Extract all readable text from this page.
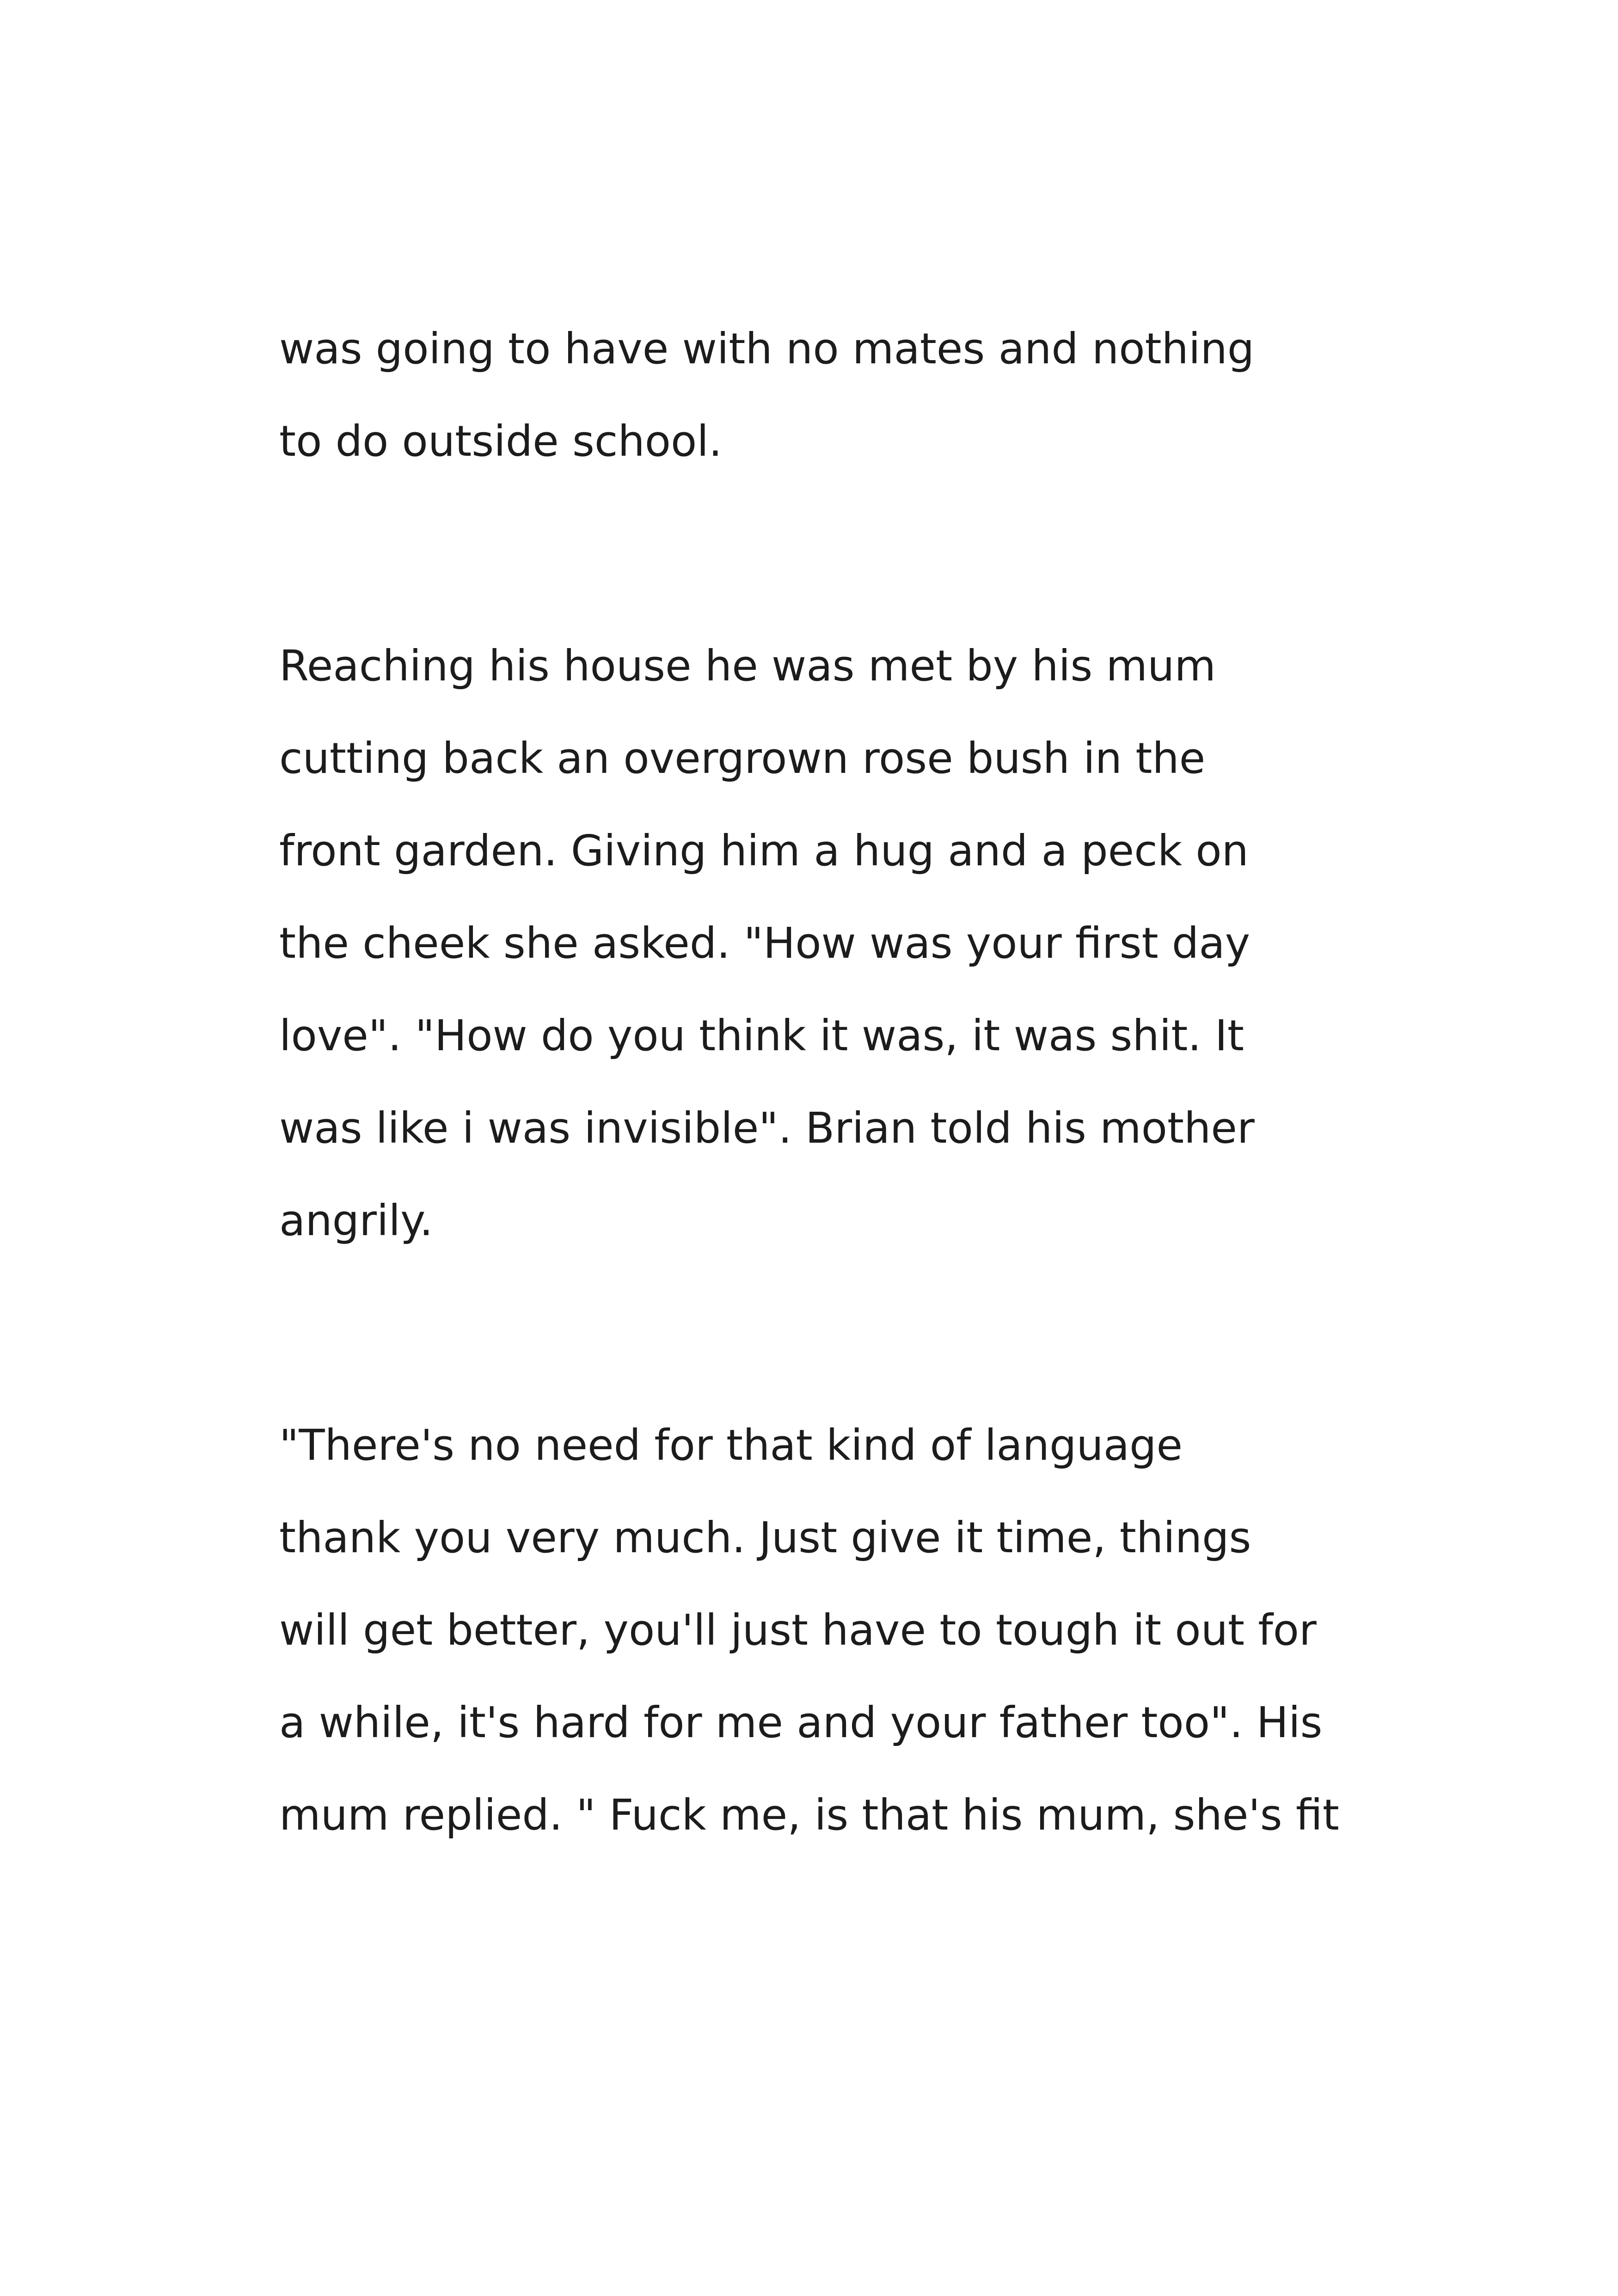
was going to have with no mates and nothing

to do outside school.

Reaching his house he was met by his mum

cutting back an overgrown rose bush in the

front garden. Giving him a hug and a peck on

the cheek she asked. "How was your first day

love". "How do you think it was, it was shit. It

was like i was invisible". Brian told his mother

angrily.

"There's no need for that kind of language

thank you very much. Just give it time, things

will get better, you'll just have to tough it out for

a while, it's hard for me and your father too". His

mum replied. " Fuck me, is that his mum, she's fit
